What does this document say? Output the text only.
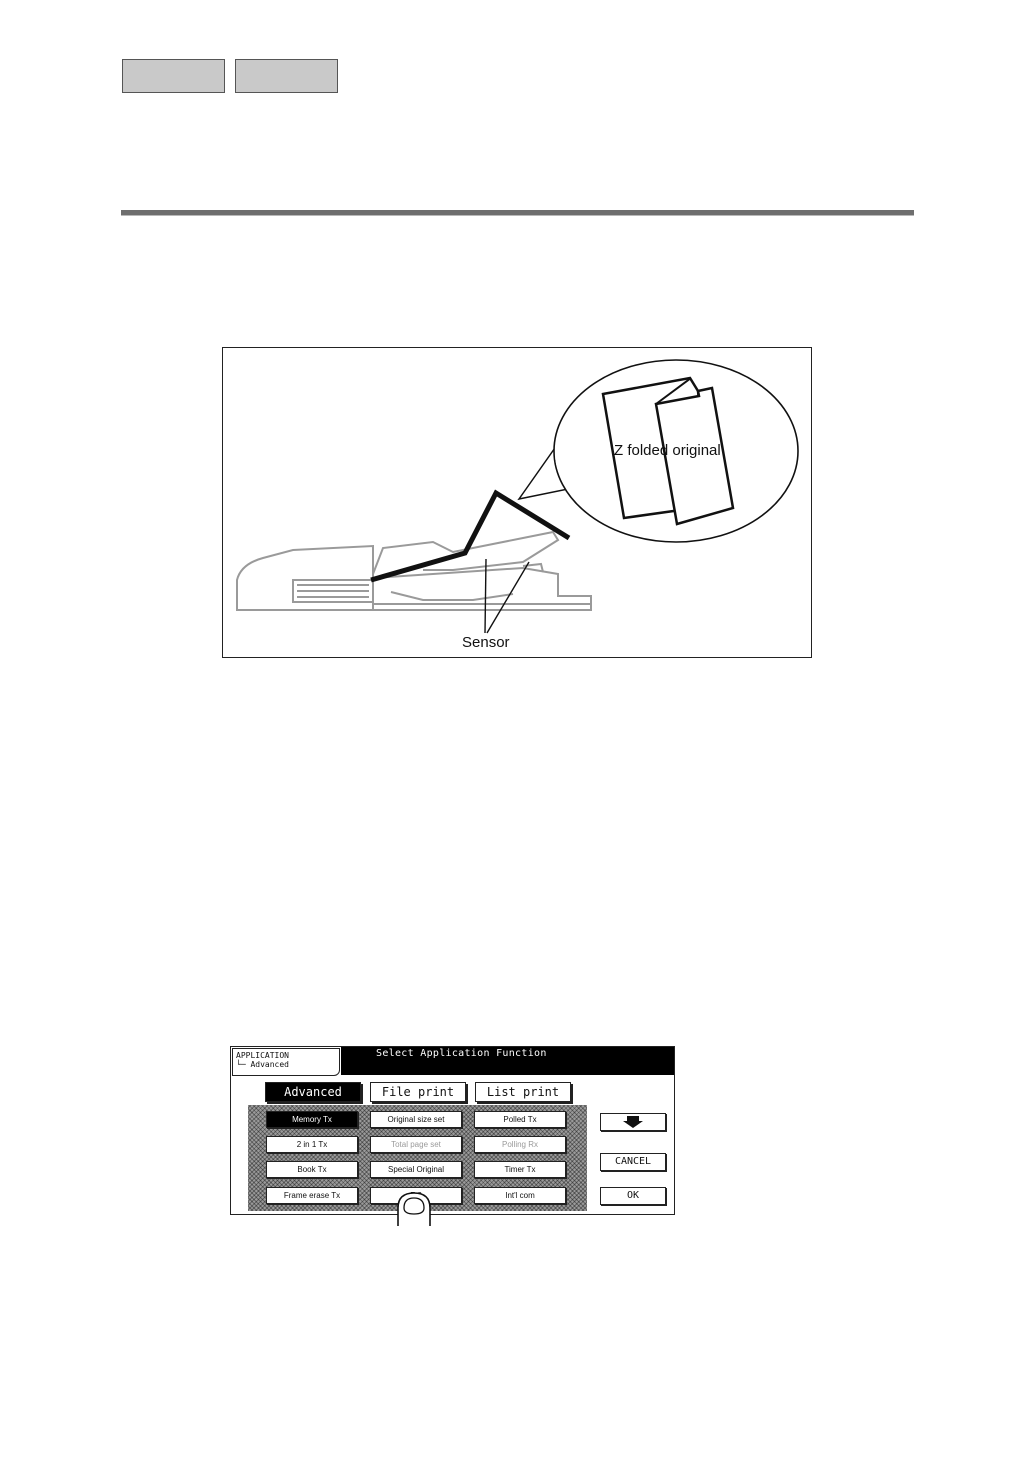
Z folded original
Sensor
APPLICATION
└─ Advanced
Select Application Function
Advanced	File print	List print
Memory Tx	Original size set	Polled Tx
2 in 1 Tx	Total page set	Polling Rx
Book Tx	Special Original	Timer Tx
Frame erase Tx	Int'l com
CANCEL
OK
